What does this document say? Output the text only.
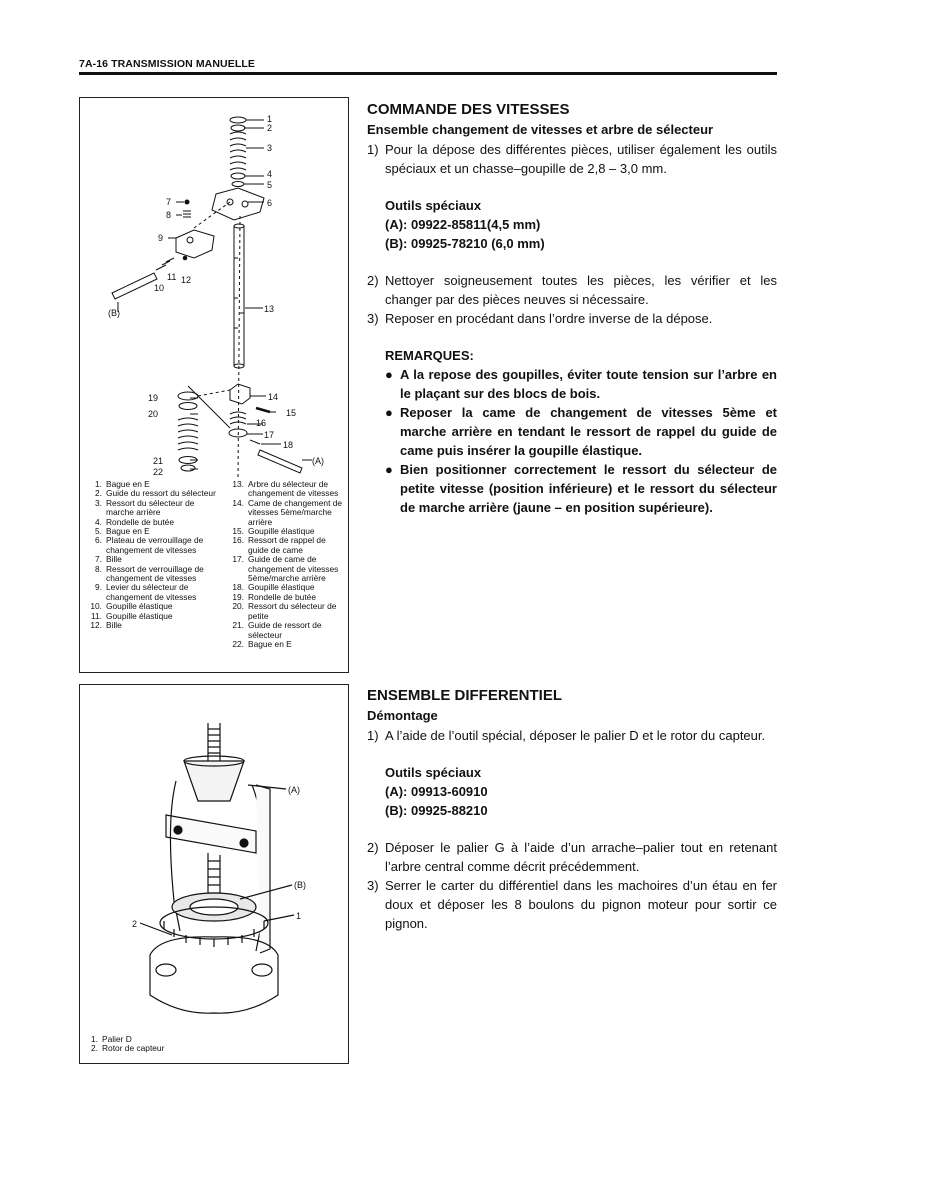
7A-16 TRANSMISSION MANUELLE
1
2
3
4
5
6
7
8
9
10
11 12
13
14
15
16
17
18
19
20
21
22
(A)
(B)
1. Bague en E
2. Guide du ressort du sélecteur
3. Ressort du sélecteur de marche arrière
4. Rondelle de butée
5. Bague en E
6. Plateau de verrouillage de changement de vitesses
7. Bille
8. Ressort de verrouillage de changement de vitesses
9. Levier du sélecteur de changement de vitesses
10. Goupille élastique
11. Goupille élastique
12. Bille
13. Arbre du sélecteur de changement de vitesses
14. Came de changement de vitesses 5ème/marche arrière
15. Goupille élastique
16. Ressort de rappel de guide de came
17. Guide de came de changement de vitesses 5ème/marche arrière
18. Goupille élastique
19. Rondelle de butée
20. Ressort du sélecteur de petite
21. Guide de ressort de sélecteur
22. Bague en E
(A)
(B)
1
2
1. Palier D
2. Rotor de capteur
COMMANDE DES VITESSES
Ensemble changement de vitesses et arbre de sélecteur
1) Pour la dépose des différentes pièces, utiliser également les outils spéciaux et un chasse–goupille de 2,8 – 3,0 mm.
Outils spéciaux
(A): 09922-85811(4,5 mm)
(B): 09925-78210 (6,0 mm)
2) Nettoyer soigneusement toutes les pièces, les vérifier et les changer par des pièces neuves si nécessaire.
3) Reposer en procédant dans l’ordre inverse de la dépose.
REMARQUES:
● A la repose des goupilles, éviter toute tension sur l’arbre en le plaçant sur des blocs de bois.
● Reposer la came de changement de vitesses 5ème et marche arrière en tendant le ressort de rappel du guide de came puis insérer la goupille élastique.
● Bien positionner correctement le ressort du sélecteur de petite vitesse (position inférieure) et le ressort du sélecteur de marche arrière (jaune – en position supérieure).
ENSEMBLE DIFFERENTIEL
Démontage
1) A l’aide de l’outil spécial, déposer le palier D et le rotor du capteur.
Outils spéciaux
(A): 09913-60910
(B): 09925-88210
2) Déposer le palier G à l’aide d’un arrache–palier tout en retenant l’arbre central comme décrit précédemment.
3) Serrer le carter du différentiel dans les machoires d’un étau en fer doux et déposer les 8 boulons du pignon moteur pour sortir ce pignon.
